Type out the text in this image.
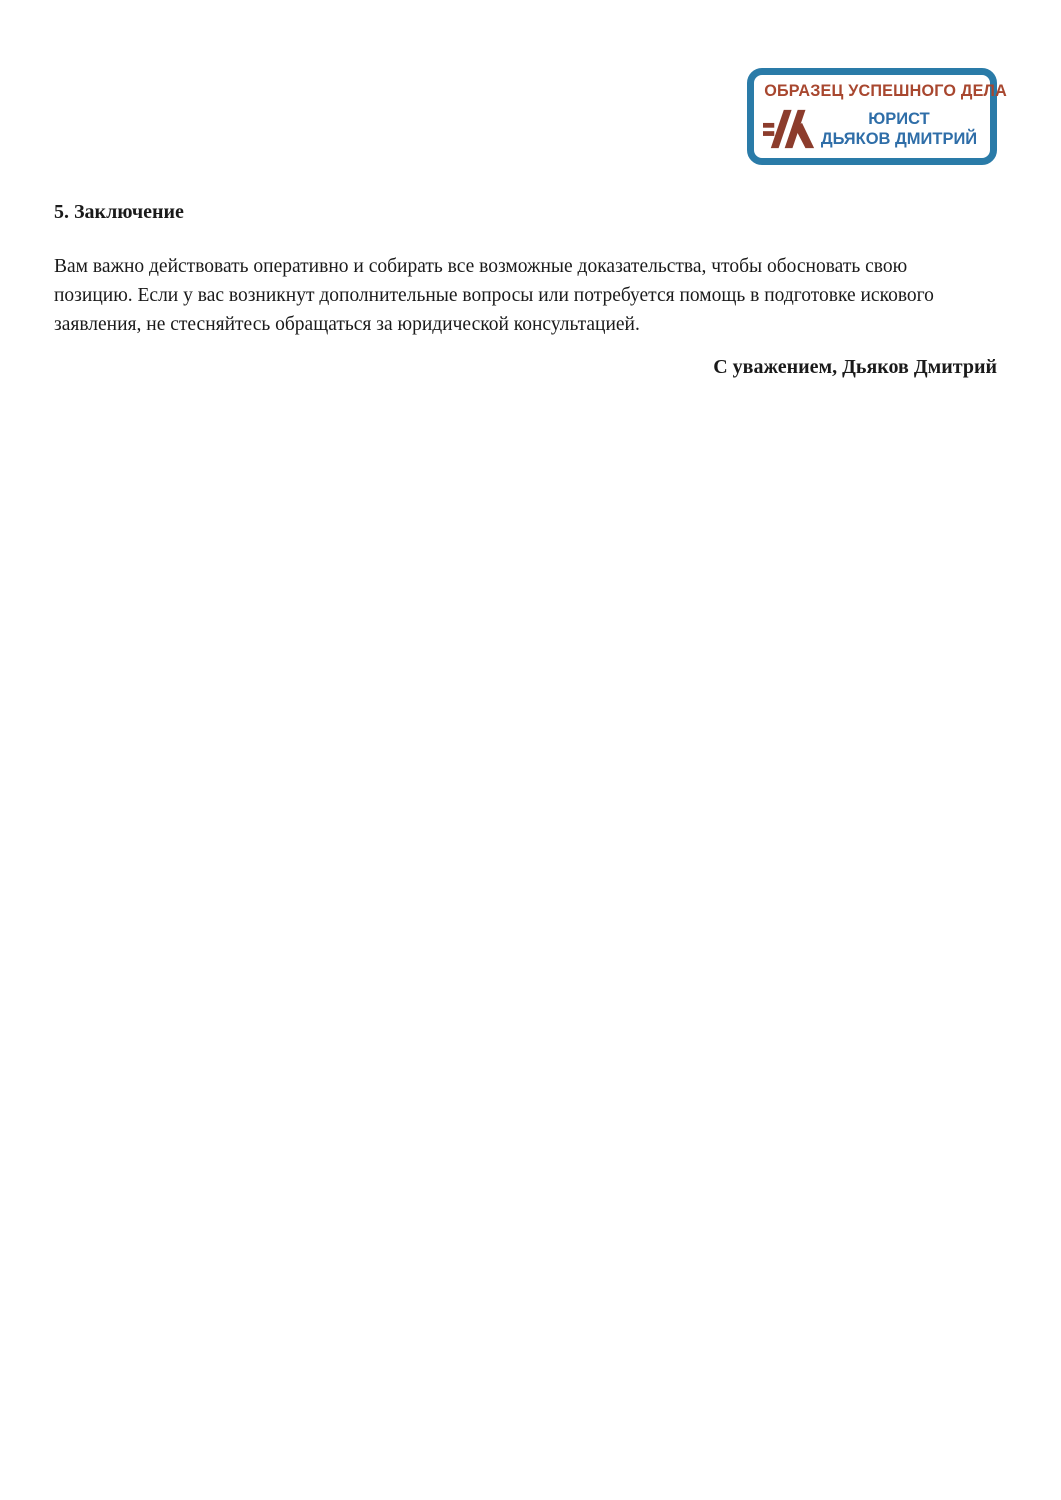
ОБРАЗЕЦ УСПЕШНОГО ДЕЛА
ЮРИСТ
ДЬЯКОВ ДМИТРИЙ
5. Заключение

Вам важно действовать оперативно и собирать все возможные доказательства, чтобы обосновать свою позицию. Если у вас возникнут дополнительные вопросы или потребуется помощь в подготовке искового заявления, не стесняйтесь обращаться за юридической консультацией.

С уважением, Дьяков Дмитрий
